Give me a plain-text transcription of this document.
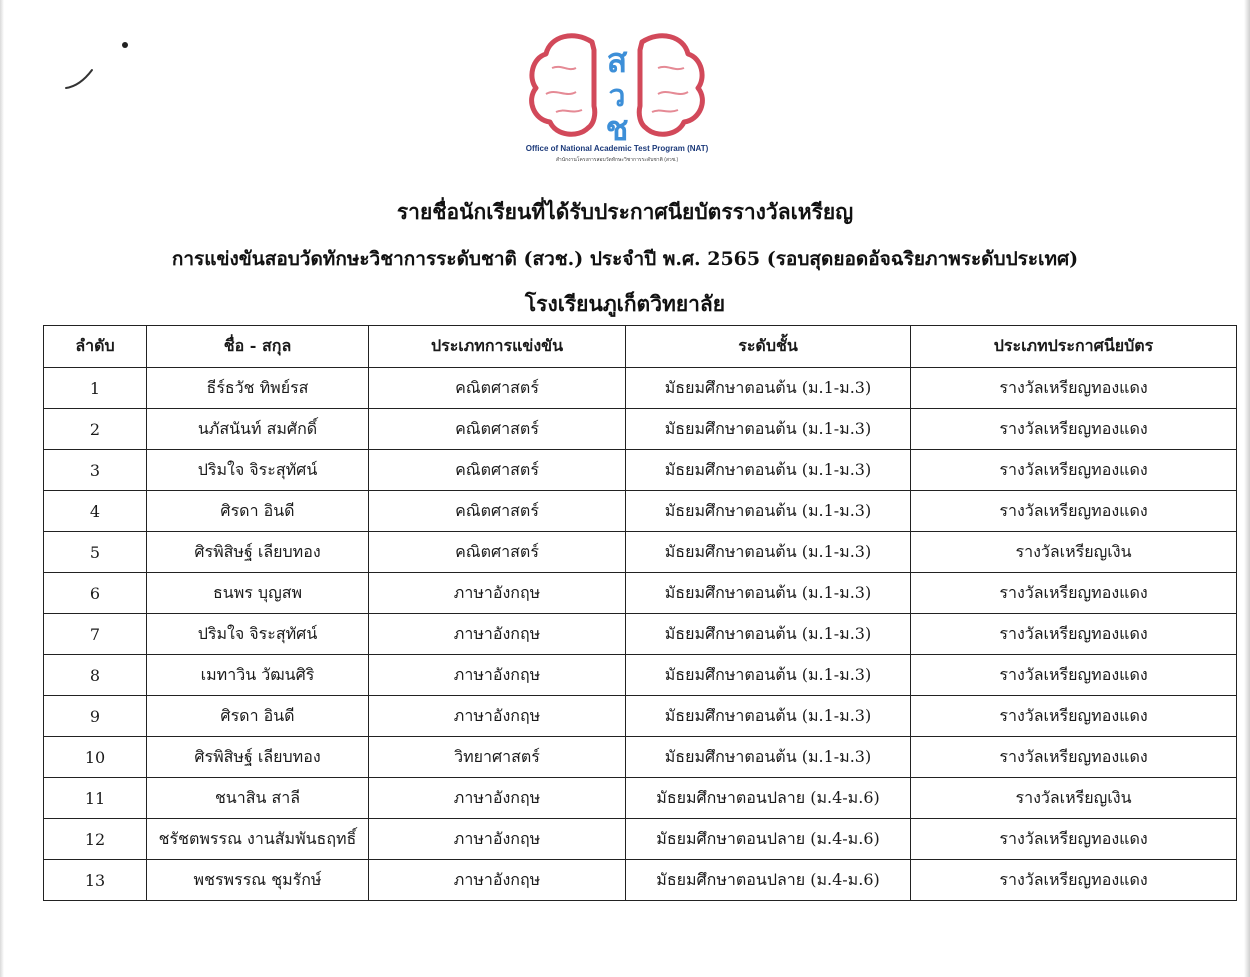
ส
ว
ช
Office of National Academic Test Program (NAT)
สำนักงานโครงการสอบวัดทักษะวิชาการระดับชาติ (สวช.)
รายชื่อนักเรียนที่ได้รับประกาศนียบัตรรางวัลเหรียญ
การแข่งขันสอบวัดทักษะวิชาการระดับชาติ (สวช.) ประจำปี พ.ศ. 2565 (รอบสุดยอดอัจฉริยภาพระดับประเทศ)
โรงเรียนภูเก็ตวิทยาลัย
ลำดับ	ชื่อ - สกุล	ประเภทการแข่งขัน	ระดับชั้น	ประเภทประกาศนียบัตร
1	ธีร์ธวัช ทิพย์รส	คณิตศาสตร์	มัธยมศึกษาตอนต้น (ม.1-ม.3)	รางวัลเหรียญทองแดง
2	นภัสนันท์ สมศักดิ์	คณิตศาสตร์	มัธยมศึกษาตอนต้น (ม.1-ม.3)	รางวัลเหรียญทองแดง
3	ปริมใจ จิระสุทัศน์	คณิตศาสตร์	มัธยมศึกษาตอนต้น (ม.1-ม.3)	รางวัลเหรียญทองแดง
4	ศิรดา อินดี	คณิตศาสตร์	มัธยมศึกษาตอนต้น (ม.1-ม.3)	รางวัลเหรียญทองแดง
5	ศิรพิสิษฐ์ เลียบทอง	คณิตศาสตร์	มัธยมศึกษาตอนต้น (ม.1-ม.3)	รางวัลเหรียญเงิน
6	ธนพร บุญสพ	ภาษาอังกฤษ	มัธยมศึกษาตอนต้น (ม.1-ม.3)	รางวัลเหรียญทองแดง
7	ปริมใจ จิระสุทัศน์	ภาษาอังกฤษ	มัธยมศึกษาตอนต้น (ม.1-ม.3)	รางวัลเหรียญทองแดง
8	เมทาวิน วัฒนศิริ	ภาษาอังกฤษ	มัธยมศึกษาตอนต้น (ม.1-ม.3)	รางวัลเหรียญทองแดง
9	ศิรดา อินดี	ภาษาอังกฤษ	มัธยมศึกษาตอนต้น (ม.1-ม.3)	รางวัลเหรียญทองแดง
10	ศิรพิสิษฐ์ เลียบทอง	วิทยาศาสตร์	มัธยมศึกษาตอนต้น (ม.1-ม.3)	รางวัลเหรียญทองแดง
11	ชนาสิน สาลี	ภาษาอังกฤษ	มัธยมศึกษาตอนปลาย (ม.4-ม.6)	รางวัลเหรียญเงิน
12	ชรัชตพรรณ งานสัมพันธฤทธิ์	ภาษาอังกฤษ	มัธยมศึกษาตอนปลาย (ม.4-ม.6)	รางวัลเหรียญทองแดง
13	พชรพรรณ ชุมรักษ์	ภาษาอังกฤษ	มัธยมศึกษาตอนปลาย (ม.4-ม.6)	รางวัลเหรียญทองแดง
